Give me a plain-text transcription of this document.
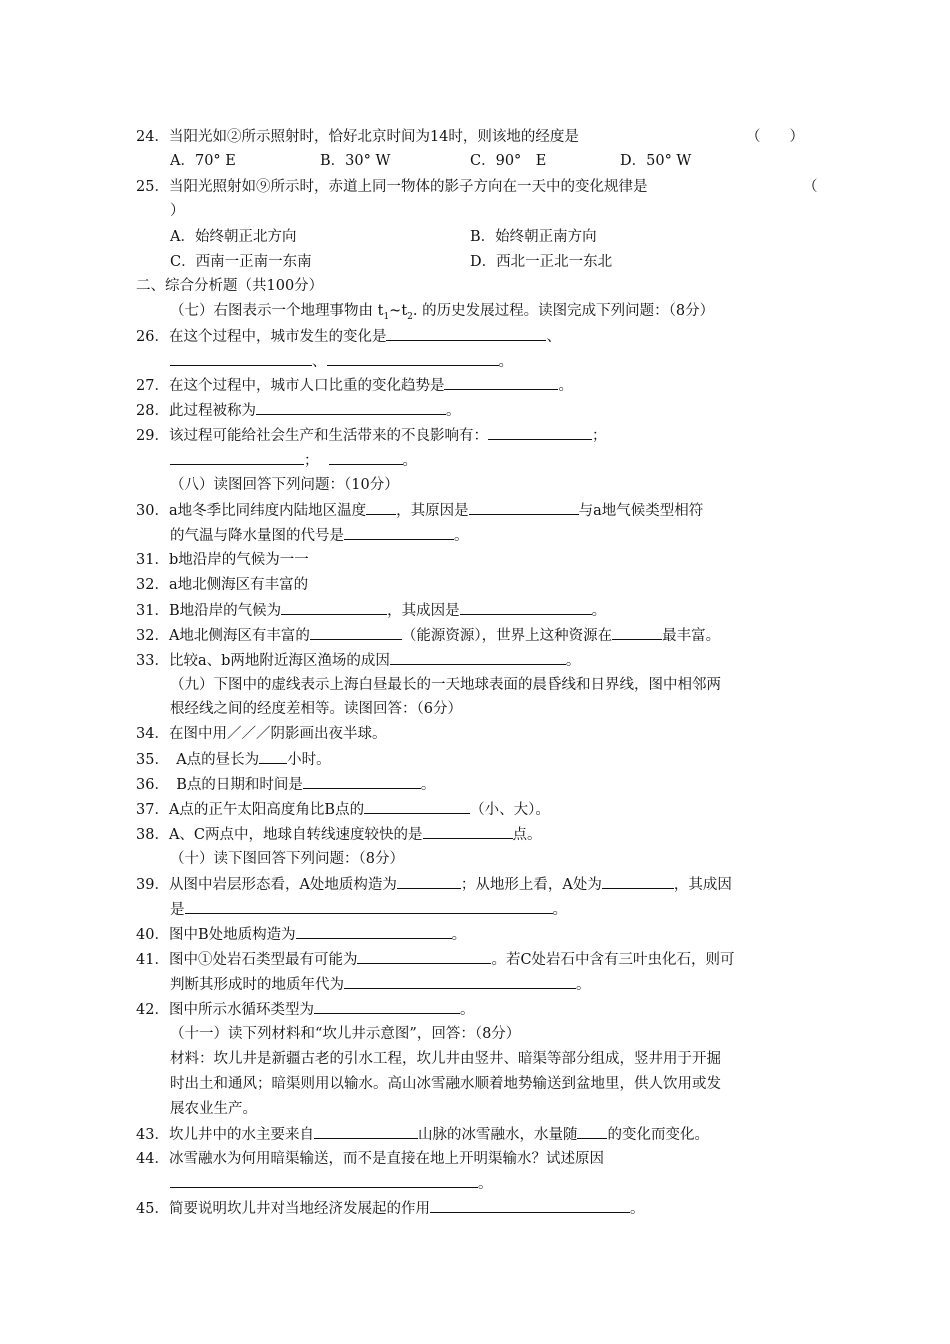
24．当阳光如②所示照射时，恰好北京时间为14时，则该地的经度是	（　　）
A．70° E	B．30° W	C．90°　E	D．50° W
25．当阳光照射如⑨所示时，赤道上同一物体的影子方向在一天中的变化规律是	（
）
A．始终朝正北方向	B．始终朝正南方向
C．西南一正南一东南	D．西北一正北一东北
二、综合分析题（共100分）
（七）右图表示一个地理事物由 $t_1\sim t_2$. 的历史发展过程。读图完成下列问题：（8分）
26．在这个过程中，城市发生的变化是	、
、	。
27．在这个过程中，城市人口比重的变化趋势是	。
28．此过程被称为	。
29．该过程可能给社会生产和生活带来的不良影响有：	；
；	。
（八）读图回答下列问题：（10分）
30．a地冬季比同纬度内陆地区温度 ，其原因是	与a地气候类型相符
的气温与降水量图的代号是	。
31．b地沿岸的气候为一一
32．a地北侧海区有丰富的
31．B地沿岸的气候为	，其成因是	。
32．A地北侧海区有丰富的	（能源资源），世界上这种资源在	最丰富。
33．比较a、b两地附近海区渔场的成因	。
（九）下图中的虚线表示上海白昼最长的一天地球表面的晨昏线和日界线，图中相邻两
根经线之间的经度差相等。读图回答：（6分）
34．在图中用／／／阴影画出夜半球。
35．　A点的昼长为 小时。
36．　B点的日期和时间是	。
37．A点的正午太阳高度角比B点的	（小、大）。
38．A、C两点中，地球自转线速度较快的是	点。
（十）读下图回答下列问题：（8分）
39．从图中岩层形态看，A处地质构造为	；从地形上看，A处为	，其成因
是	。
40．图中B处地质构造为	。
41．图中①处岩石类型最有可能为	。若C处岩石中含有三叶虫化石，则可
判断其形成时的地质年代为	。
42．图中所示水循环类型为	。
（十一）读下列材料和“坎儿井示意图”，回答：（8分）
材料：坎儿井是新疆古老的引水工程，坎儿井由竖井、暗渠等部分组成，竖井用于开掘
时出土和通风；暗渠则用以输水。高山冰雪融水顺着地势输送到盆地里，供人饮用或发
展农业生产。
43．坎儿井中的水主要来自	山脉的冰雪融水，水量随 的变化而变化。
44．冰雪融水为何用暗渠输送，而不是直接在地上开明渠输水？试述原因
。
45．简要说明坎儿井对当地经济发展起的作用	。
